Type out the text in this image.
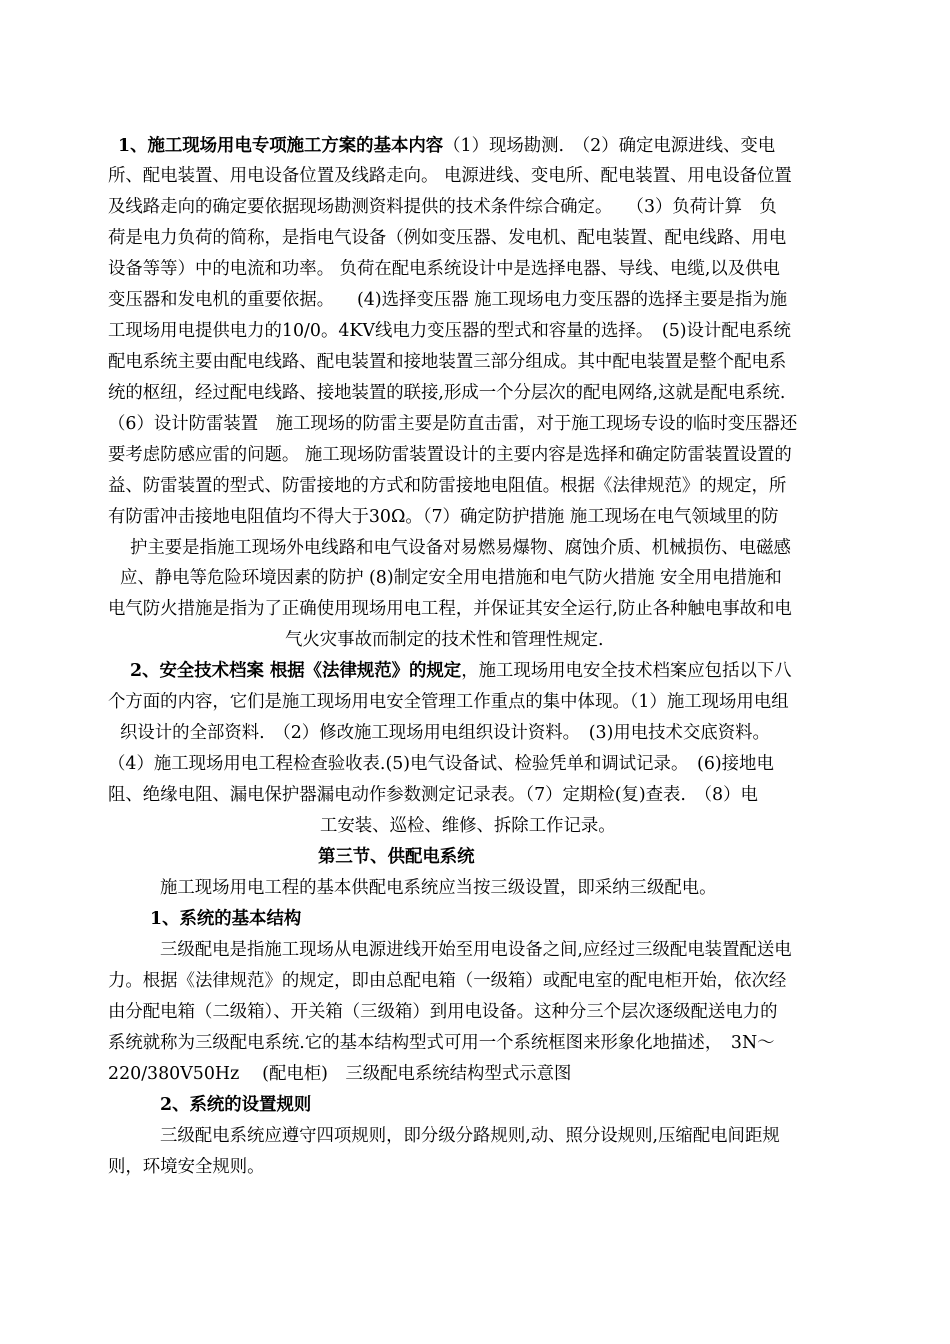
1、施工现场用电专项施工方案的基本内容（1）现场勘测.　（2）确定电源进线、变电
所、配电装置、用电设备位置及线路走向。 电源进线、变电所、配电装置、用电设备位置
及线路走向的确定要依据现场勘测资料提供的技术条件综合确定。　 （3）负荷计算　负
荷是电力负荷的简称，是指电气设备（例如变压器、发电机、配电装置、配电线路、用电
设备等等）中的电流和功率。 负荷在配电系统设计中是选择电器、导线、电缆,以及供电
变压器和发电机的重要依据。 　(4)选择变压器 施工现场电力变压器的选择主要是指为施
工现场用电提供电力的10/0。4KV线电力变压器的型式和容量的选择。　(5)设计配电系统
配电系统主要由配电线路、配电装置和接地装置三部分组成。其中配电装置是整个配电系
统的枢纽，经过配电线路、接地装置的联接,形成一个分层次的配电网络,这就是配电系统.
（6）设计防雷装置　施工现场的防雷主要是防直击雷，对于施工现场专设的临时变压器还
要考虑防感应雷的问题。 施工现场防雷装置设计的主要内容是选择和确定防雷装置设置的
益、防雷装置的型式、防雷接地的方式和防雷接地电阻值。根据《法律规范》的规定，所
有防雷冲击接地电阻值均不得大于30Ω。（7）确定防护措施 施工现场在电气领域里的防
护主要是指施工现场外电线路和电气设备对易燃易爆物、腐蚀介质、机械损伤、电磁感
应、静电等危险环境因素的防护 (8)制定安全用电措施和电气防火措施 安全用电措施和
电气防火措施是指为了正确使用现场用电工程，并保证其安全运行,防止各种触电事故和电
气火灾事故而制定的技术性和管理性规定.
2、安全技术档案 根据《法律规范》的规定，施工现场用电安全技术档案应包括以下八
个方面的内容，它们是施工现场用电安全管理工作重点的集中体现。（1）施工现场用电组
织设计的全部资料.　（2）修改施工现场用电组织设计资料。　(3)用电技术交底资料。
（4）施工现场用电工程检查验收表.(5)电气设备试、检验凭单和调试记录。　(6)接地电
阻、绝缘电阻、漏电保护器漏电动作参数测定记录表。（7）定期检(复)查表.　（8）电
工安装、巡检、维修、拆除工作记录。
第三节、供配电系统
施工现场用电工程的基本供配电系统应当按三级设置，即采纳三级配电。
1、系统的基本结构
三级配电是指施工现场从电源进线开始至用电设备之间,应经过三级配电装置配送电
力。根据《法律规范》的规定，即由总配电箱（一级箱）或配电室的配电柜开始，依次经
由分配电箱（二级箱）、开关箱（三级箱）到用电设备。这种分三个层次逐级配送电力的
系统就称为三级配电系统.它的基本结构型式可用一个系统框图来形象化地描述，　3N～
220/380V50Hz　 (配电柜)　三级配电系统结构型式示意图
2、系统的设置规则
三级配电系统应遵守四项规则，即分级分路规则,动、照分设规则,压缩配电间距规
则，环境安全规则。
